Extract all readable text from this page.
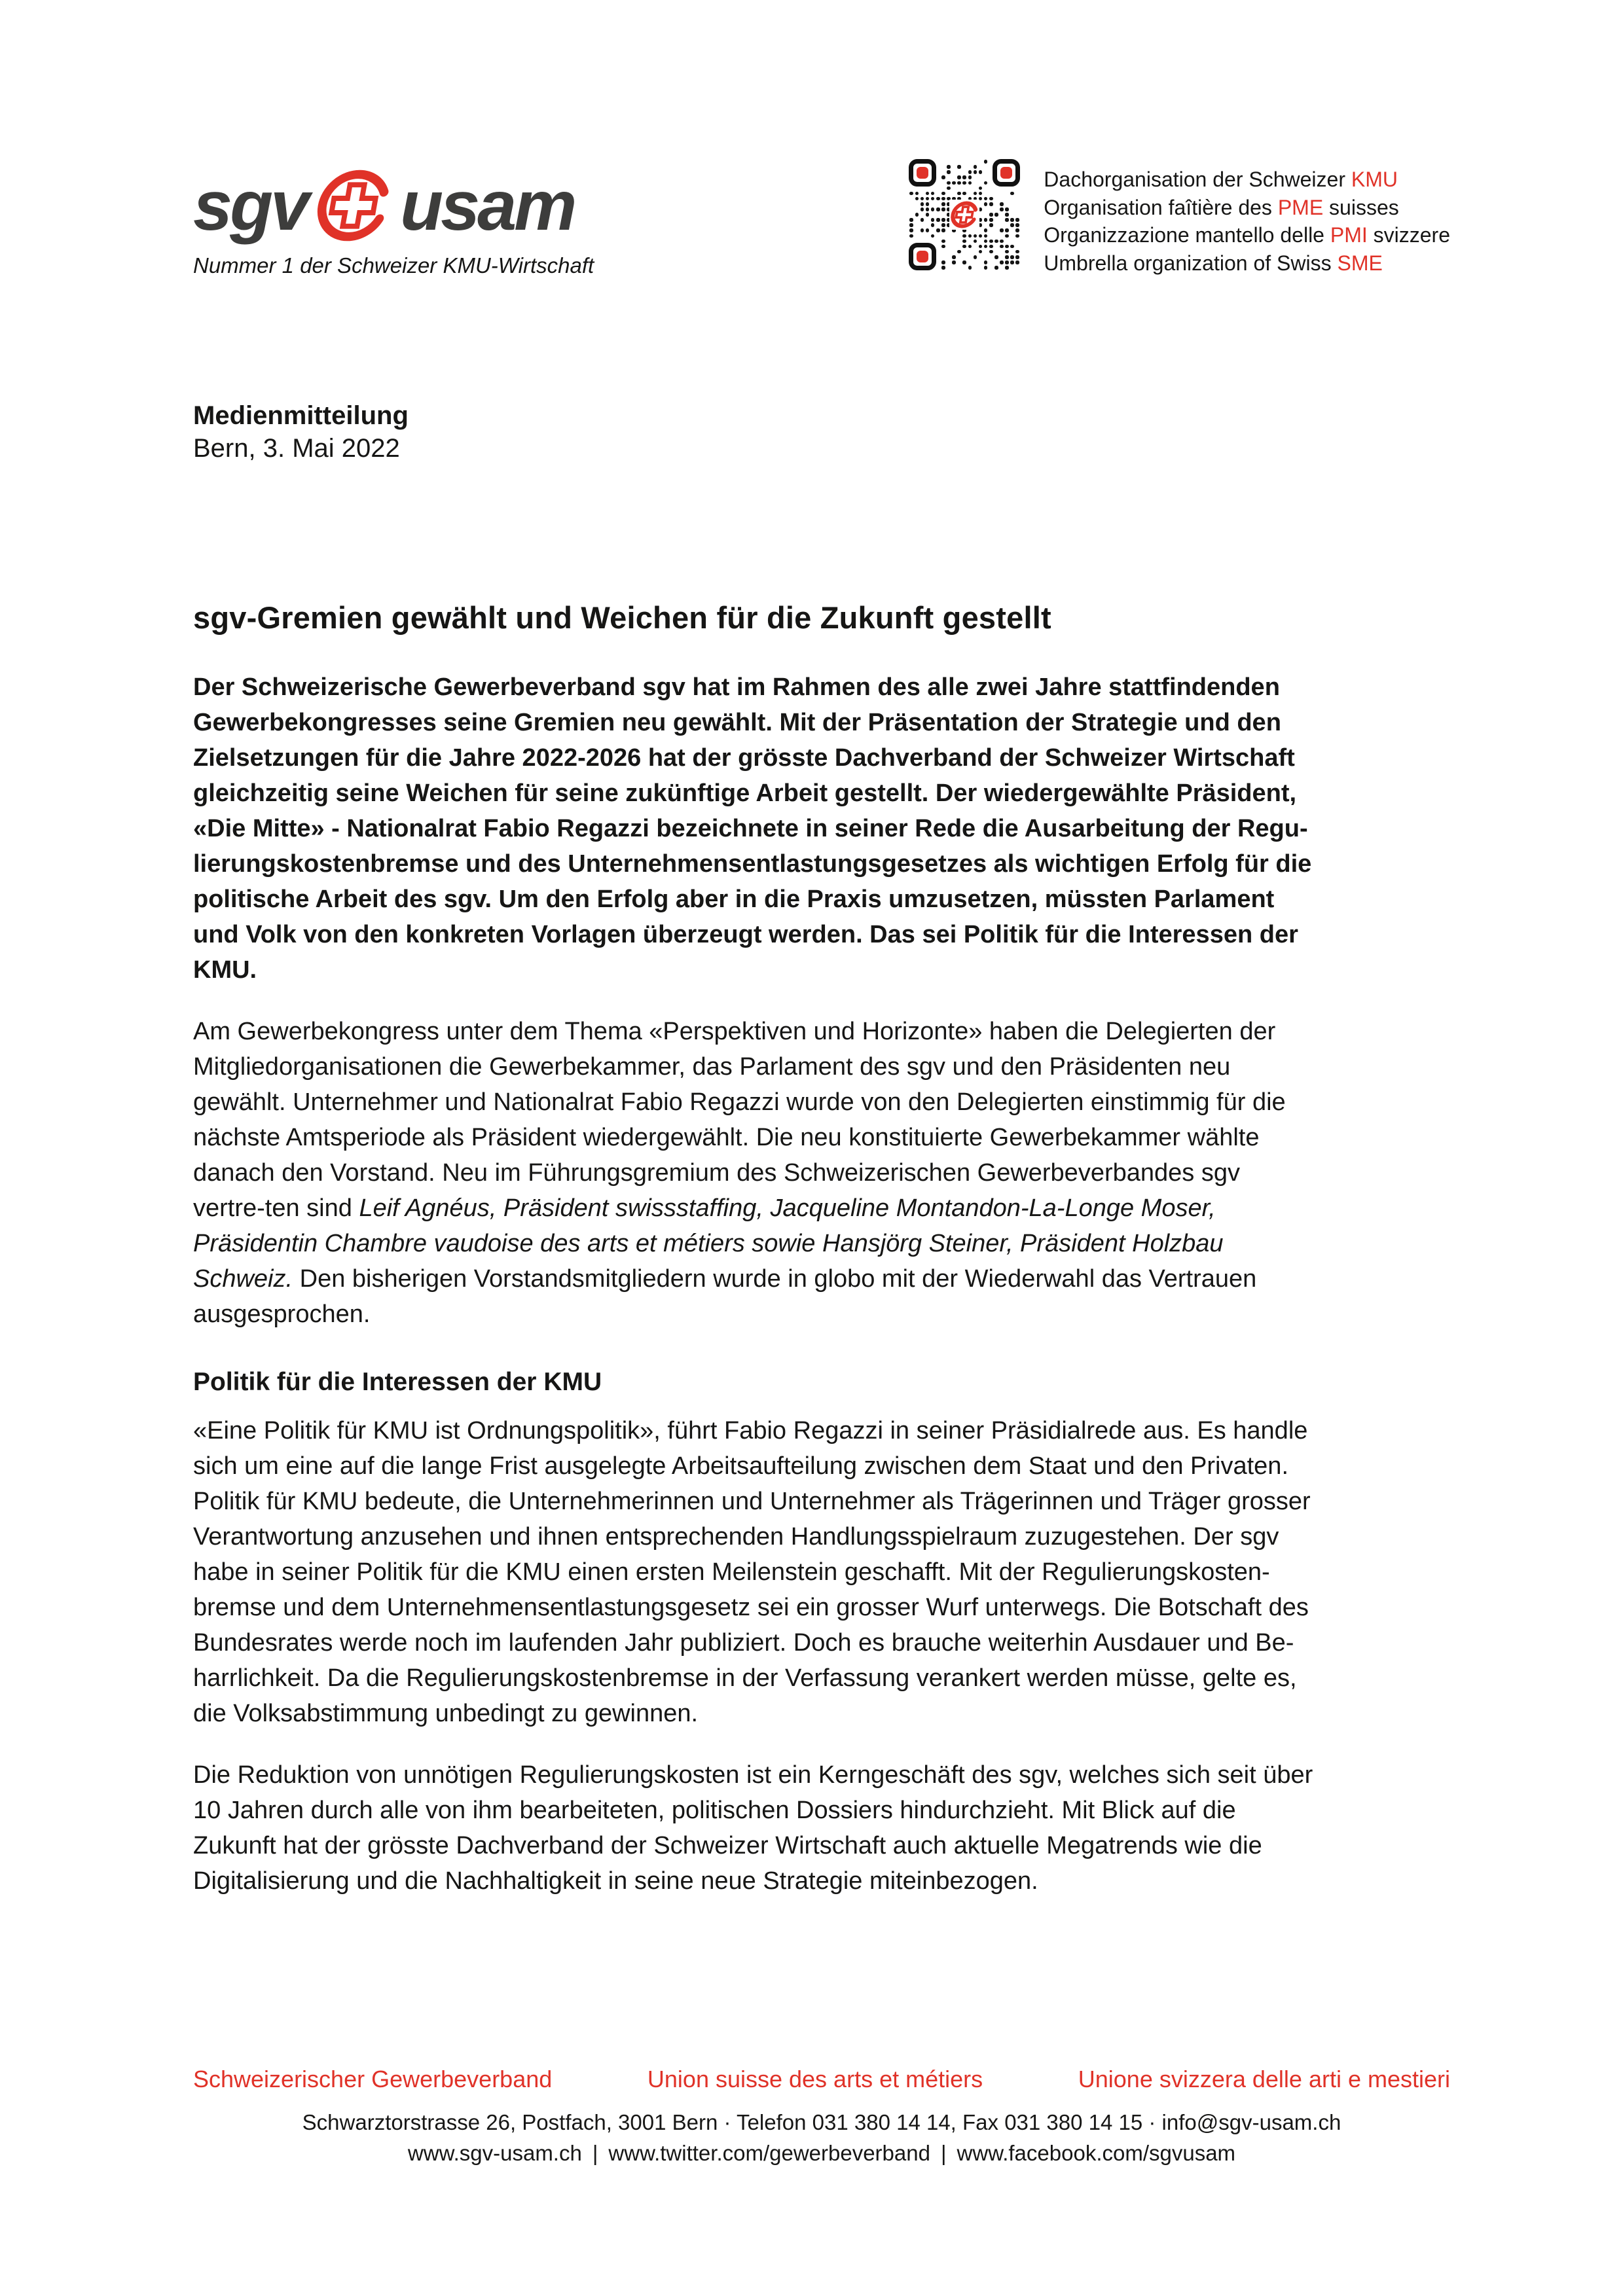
sgv usam
Nummer 1 der Schweizer KMU-Wirtschaft
Dachorganisation der Schweizer KMU
Organisation faîtière des PME suisses
Organizzazione mantello delle PMI svizzere
Umbrella organization of Swiss SME
Medienmitteilung
Bern, 3. Mai 2022
sgv-Gremien gewählt und Weichen für die Zukunft gestellt
Der Schweizerische Gewerbeverband sgv hat im Rahmen des alle zwei Jahre stattfindenden
Gewerbekongresses seine Gremien neu gewählt. Mit der Präsentation der Strategie und den
Zielsetzungen für die Jahre 2022-2026 hat der grösste Dachverband der Schweizer Wirtschaft
gleichzeitig seine Weichen für seine zukünftige Arbeit gestellt. Der wiedergewählte Präsident,
«Die Mitte» - Nationalrat Fabio Regazzi bezeichnete in seiner Rede die Ausarbeitung der Regu-
lierungskostenbremse und des Unternehmensentlastungsgesetzes als wichtigen Erfolg für die
politische Arbeit des sgv. Um den Erfolg aber in die Praxis umzusetzen, müssten Parlament
und Volk von den konkreten Vorlagen überzeugt werden. Das sei Politik für die Interessen der
KMU.
Am Gewerbekongress unter dem Thema «Perspektiven und Horizonte» haben die Delegierten der
Mitgliedorganisationen die Gewerbekammer, das Parlament des sgv und den Präsidenten neu
gewählt. Unternehmer und Nationalrat Fabio Regazzi wurde von den Delegierten einstimmig für die
nächste Amtsperiode als Präsident wiedergewählt. Die neu konstituierte Gewerbekammer wählte
danach den Vorstand. Neu im Führungsgremium des Schweizerischen Gewerbeverbandes sgv
vertre-ten sind Leif Agnéus, Präsident swissstaffing, Jacqueline Montandon-La-Longe Moser,
Präsidentin Chambre vaudoise des arts et métiers sowie Hansjörg Steiner, Präsident Holzbau
Schweiz. Den bisherigen Vorstandsmitgliedern wurde in globo mit der Wiederwahl das Vertrauen
ausgesprochen.
Politik für die Interessen der KMU
«Eine Politik für KMU ist Ordnungspolitik», führt Fabio Regazzi in seiner Präsidialrede aus. Es handle
sich um eine auf die lange Frist ausgelegte Arbeitsaufteilung zwischen dem Staat und den Privaten.
Politik für KMU bedeute, die Unternehmerinnen und Unternehmer als Trägerinnen und Träger grosser
Verantwortung anzusehen und ihnen entsprechenden Handlungsspielraum zuzugestehen. Der sgv
habe in seiner Politik für die KMU einen ersten Meilenstein geschafft. Mit der Regulierungskosten-
bremse und dem Unternehmensentlastungsgesetz sei ein grosser Wurf unterwegs. Die Botschaft des
Bundesrates werde noch im laufenden Jahr publiziert. Doch es brauche weiterhin Ausdauer und Be-
harrlichkeit. Da die Regulierungskostenbremse in der Verfassung verankert werden müsse, gelte es,
die Volksabstimmung unbedingt zu gewinnen.
Die Reduktion von unnötigen Regulierungskosten ist ein Kerngeschäft des sgv, welches sich seit über
10 Jahren durch alle von ihm bearbeiteten, politischen Dossiers hindurchzieht. Mit Blick auf die
Zukunft hat der grösste Dachverband der Schweizer Wirtschaft auch aktuelle Megatrends wie die
Digitalisierung und die Nachhaltigkeit in seine neue Strategie miteinbezogen.
Schweizerischer Gewerbeverband	Union suisse des arts et métiers	Unione svizzera delle arti e mestieri
Schwarztorstrasse 26, Postfach, 3001 Bern · Telefon 031 380 14 14, Fax 031 380 14 15 · info@sgv-usam.ch
www.sgv-usam.ch | www.twitter.com/gewerbeverband | www.facebook.com/sgvusam
